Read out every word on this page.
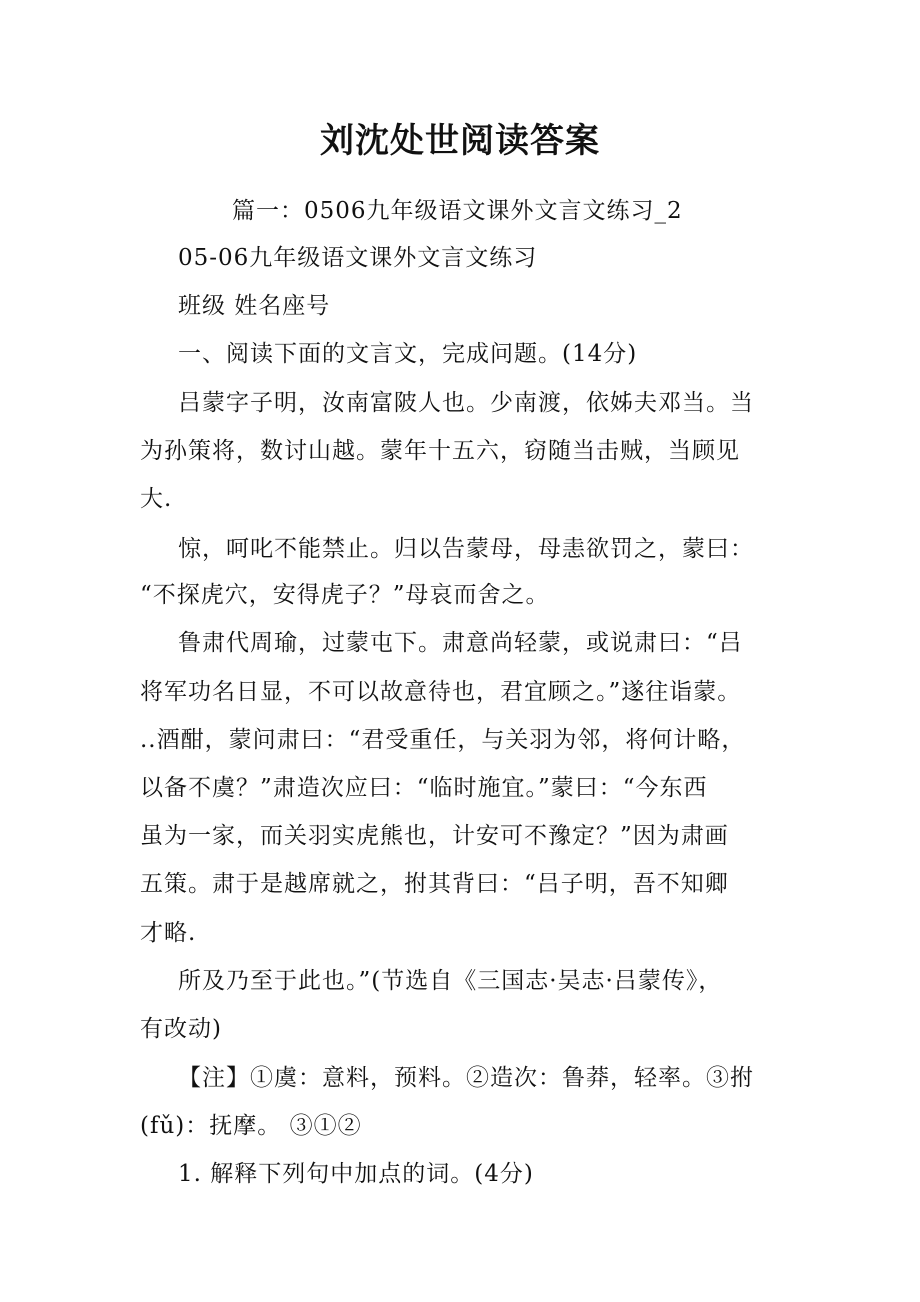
刘沈处世阅读答案
篇一：0506九年级语文课外文言文练习_2
05-06九年级语文课外文言文练习
班级 姓名座号
一、阅读下面的文言文，完成问题。(14分)
吕蒙字子明，汝南富陂人也。少南渡，依姊夫邓当。当
为孙策将，数讨山越。蒙年十五六，窃随当击贼，当顾见
大.
惊，呵叱不能禁止。归以告蒙母，母恚欲罚之，蒙曰：
“不探虎穴，安得虎子？”母哀而舍之。
鲁肃代周瑜，过蒙屯下。肃意尚轻蒙，或说肃曰：“吕
将军功名日显，不可以故意待也，君宜顾之。”遂往诣蒙。
..酒酣，蒙问肃曰：“君受重任，与关羽为邻，将何计略，
以备不虞？”肃造次应曰：“临时施宜。”蒙曰：“今东西
虽为一家，而关羽实虎熊也，计安可不豫定？”因为肃画
五策。肃于是越席就之，拊其背曰：“吕子明，吾不知卿
才略.
所及乃至于此也。”(节选自《三国志·吴志·吕蒙传》，
有改动)
【注】①虞：意料，预料。②造次：鲁莽，轻率。③拊
(fǔ)：抚摩。 ③①②
1. 解释下列句中加点的词。(4分)
